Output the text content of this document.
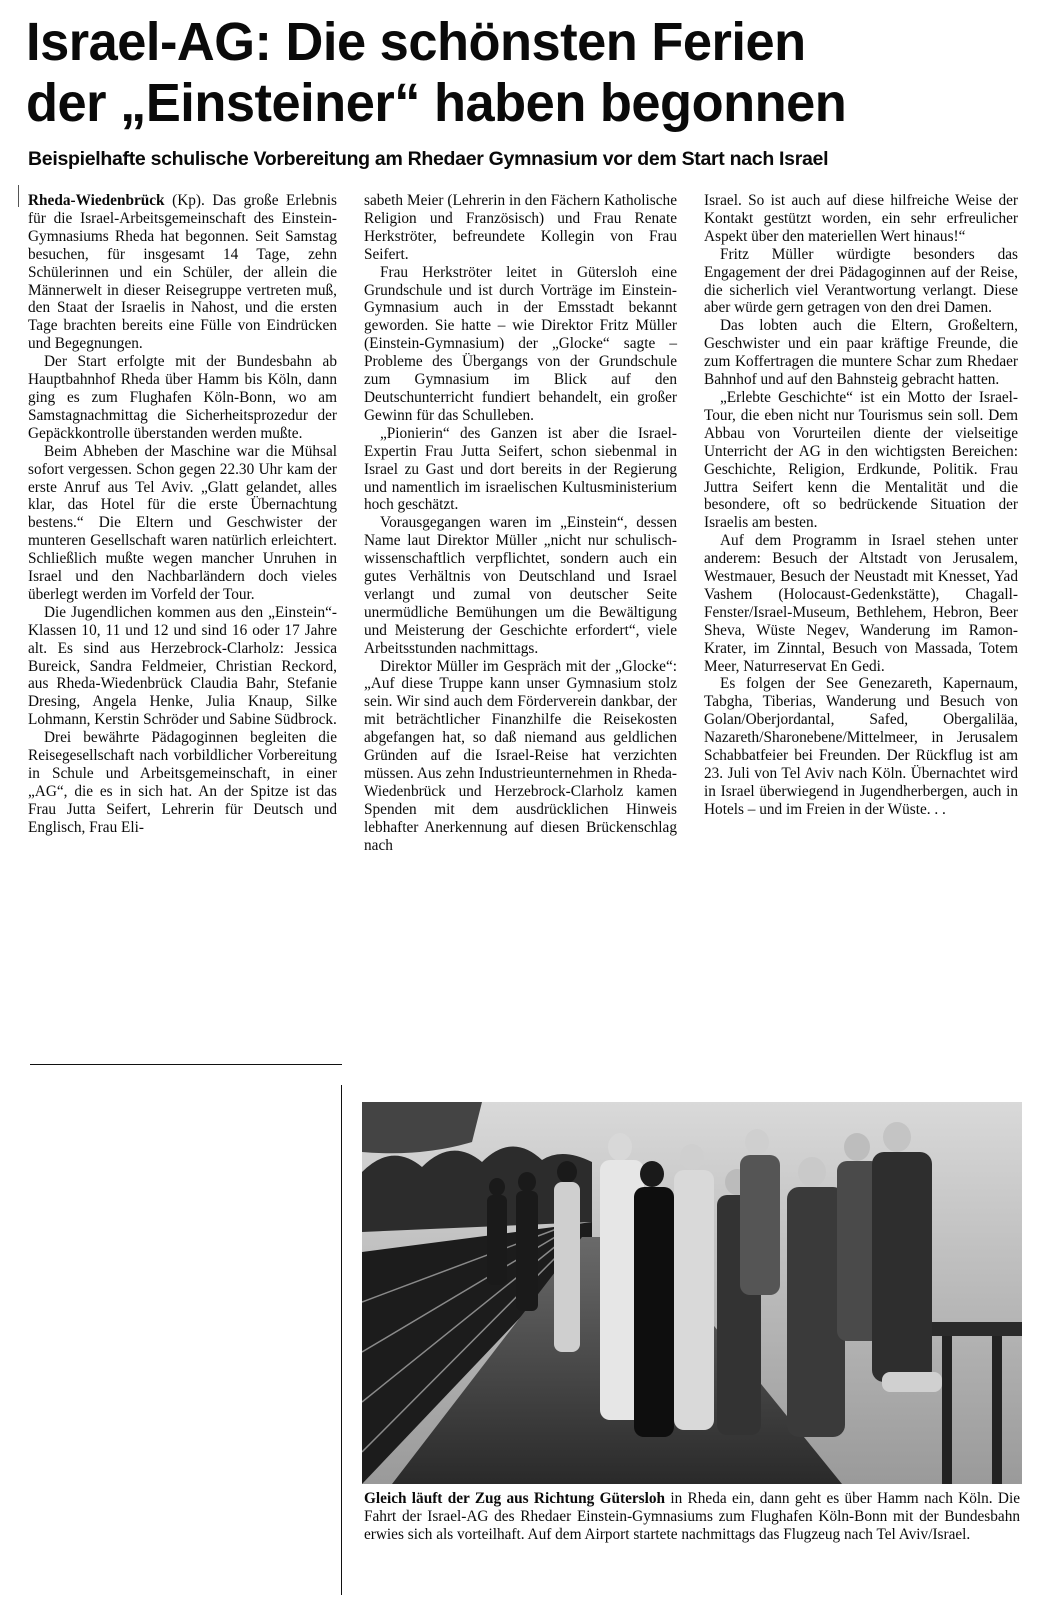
Israel-AG: Die schönsten Ferien
der „Einsteiner“ haben begonnen
Beispielhafte schulische Vorbereitung am Rhedaer Gymnasium vor dem Start nach Israel

Rheda-Wiedenbrück (Kp). Das große Erlebnis für die Israel-Arbeitsgemeinschaft des Einstein-Gymnasiums Rheda hat begonnen. Seit Samstag besuchen, für insgesamt 14 Tage, zehn Schülerinnen und ein Schüler, der allein die Männerwelt in dieser Reisegruppe vertreten muß, den Staat der Israelis in Nahost, und die ersten Tage brachten bereits eine Fülle von Eindrücken und Begegnungen.

Der Start erfolgte mit der Bundesbahn ab Hauptbahnhof Rheda über Hamm bis Köln, dann ging es zum Flughafen Köln-Bonn, wo am Samstagnachmittag die Sicherheitsprozedur der Gepäckkontrolle überstanden werden mußte.

Beim Abheben der Maschine war die Mühsal sofort vergessen. Schon gegen 22.30 Uhr kam der erste Anruf aus Tel Aviv. „Glatt gelandet, alles klar, das Hotel für die erste Übernachtung bestens.“ Die Eltern und Geschwister der munteren Gesellschaft waren natürlich erleichtert. Schließlich mußte wegen mancher Unruhen in Israel und den Nachbarländern doch vieles überlegt werden im Vorfeld der Tour.

Die Jugendlichen kommen aus den „Einstein“-Klassen 10, 11 und 12 und sind 16 oder 17 Jahre alt. Es sind aus Herzebrock-Clarholz: Jessica Bureick, Sandra Feldmeier, Christian Reckord, aus Rheda-Wiedenbrück Claudia Bahr, Stefanie Dresing, Angela Henke, Julia Knaup, Silke Lohmann, Kerstin Schröder und Sabine Südbrock.

Drei bewährte Pädagoginnen begleiten die Reisegesellschaft nach vorbildlicher Vorbereitung in Schule und Arbeitsgemeinschaft, in einer „AG“, die es in sich hat. An der Spitze ist das Frau Jutta Seifert, Lehrerin für Deutsch und Englisch, Frau Eli-

sabeth Meier (Lehrerin in den Fächern Katholische Religion und Französisch) und Frau Renate Herkströter, befreundete Kollegin von Frau Seifert.

Frau Herkströter leitet in Gütersloh eine Grundschule und ist durch Vorträge im Einstein-Gymnasium auch in der Emsstadt bekannt geworden. Sie hatte – wie Direktor Fritz Müller (Einstein-Gymnasium) der „Glocke“ sagte – Probleme des Übergangs von der Grundschule zum Gymnasium im Blick auf den Deutschunterricht fundiert behandelt, ein großer Gewinn für das Schulleben.

„Pionierin“ des Ganzen ist aber die Israel-Expertin Frau Jutta Seifert, schon siebenmal in Israel zu Gast und dort bereits in der Regierung und namentlich im israelischen Kultusministerium hoch geschätzt.

Vorausgegangen waren im „Einstein“, dessen Name laut Direktor Müller „nicht nur schulisch-wissenschaftlich verpflichtet, sondern auch ein gutes Verhältnis von Deutschland und Israel verlangt und zumal von deutscher Seite unermüdliche Bemühungen um die Bewältigung und Meisterung der Geschichte erfordert“, viele Arbeitsstunden nachmittags.

Direktor Müller im Gespräch mit der „Glocke“: „Auf diese Truppe kann unser Gymnasium stolz sein. Wir sind auch dem Förderverein dankbar, der mit beträchtlicher Finanzhilfe die Reisekosten abgefangen hat, so daß niemand aus geldlichen Gründen auf die Israel-Reise hat verzichten müssen. Aus zehn Industrieunternehmen in Rheda-Wiedenbrück und Herzebrock-Clarholz kamen Spenden mit dem ausdrücklichen Hinweis lebhafter Anerkennung auf diesen Brückenschlag nach

Israel. So ist auch auf diese hilfreiche Weise der Kontakt gestützt worden, ein sehr erfreulicher Aspekt über den materiellen Wert hinaus!“

Fritz Müller würdigte besonders das Engagement der drei Pädagoginnen auf der Reise, die sicherlich viel Verantwortung verlangt. Diese aber würde gern getragen von den drei Damen.

Das lobten auch die Eltern, Großeltern, Geschwister und ein paar kräftige Freunde, die zum Koffertragen die muntere Schar zum Rhedaer Bahnhof und auf den Bahnsteig gebracht hatten.

„Erlebte Geschichte“ ist ein Motto der Israel-Tour, die eben nicht nur Tourismus sein soll. Dem Abbau von Vorurteilen diente der vielseitige Unterricht der AG in den wichtigsten Bereichen: Geschichte, Religion, Erdkunde, Politik. Frau Juttra Seifert kenn die Mentalität und die besondere, oft so bedrückende Situation der Israelis am besten.

Auf dem Programm in Israel stehen unter anderem: Besuch der Altstadt von Jerusalem, Westmauer, Besuch der Neustadt mit Knesset, Yad Vashem (Holocaust-Gedenkstätte), Chagall-Fenster/Israel-Museum, Bethlehem, Hebron, Beer Sheva, Wüste Negev, Wanderung im Ramon-Krater, im Zinntal, Besuch von Massada, Totem Meer, Naturreservat En Gedi.

Es folgen der See Genezareth, Kapernaum, Tabgha, Tiberias, Wanderung und Besuch von Golan/Oberjordantal, Safed, Obergaliläa, Nazareth/Sharonebene/Mittelmeer, in Jerusalem Schabbatfeier bei Freunden. Der Rückflug ist am 23. Juli von Tel Aviv nach Köln. Übernachtet wird in Israel überwiegend in Jugendherbergen, auch in Hotels – und im Freien in der Wüste. . .

Gleich läuft der Zug aus Richtung Gütersloh in Rheda ein, dann geht es über Hamm nach Köln. Die Fahrt der Israel-AG des Rhedaer Einstein-Gymnasiums zum Flughafen Köln-Bonn mit der Bundesbahn erwies sich als vorteilhaft. Auf dem Airport startete nachmittags das Flugzeug nach Tel Aviv/Israel.
